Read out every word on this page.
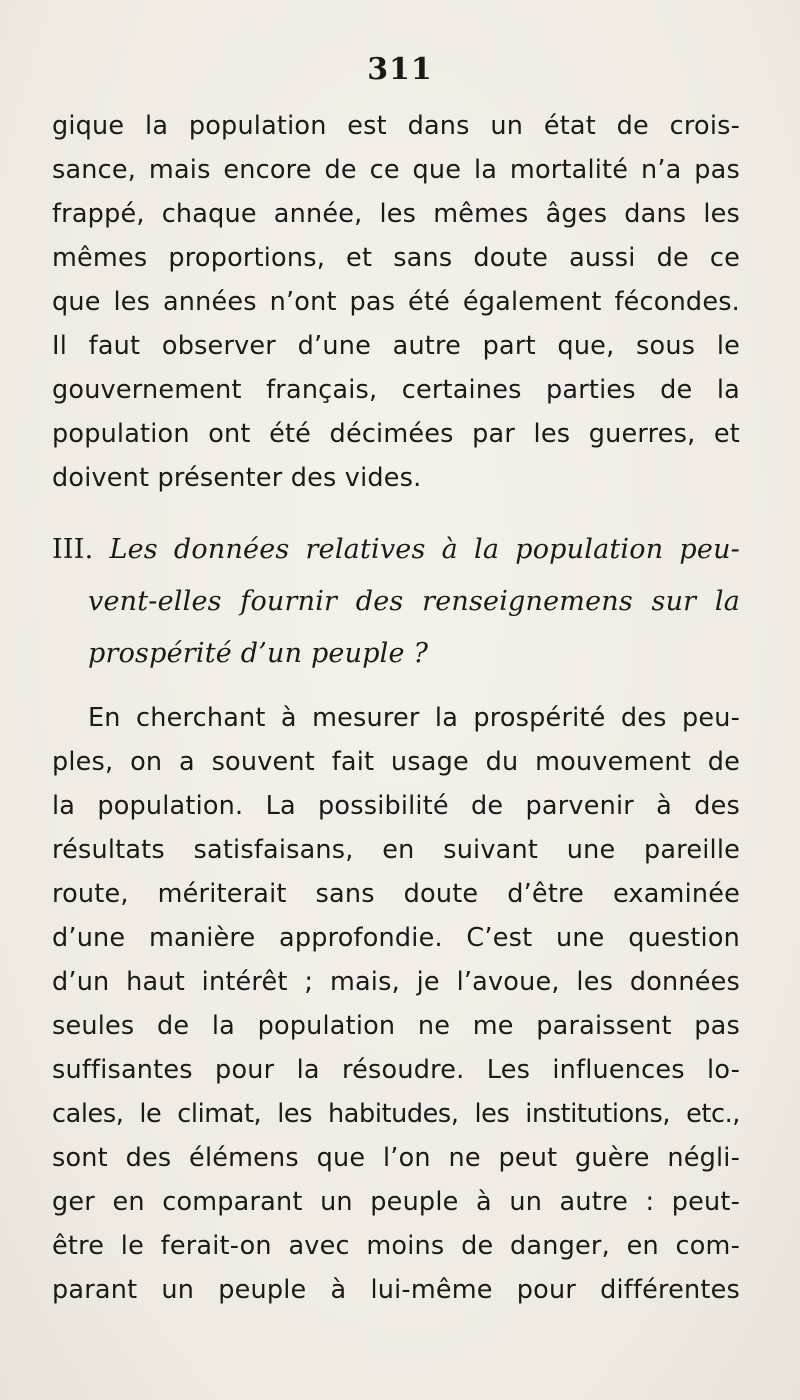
311
gique la population est dans un état de crois-
sance, mais encore de ce que la mortalité n’a pas
frappé, chaque année, les mêmes âges dans les
mêmes proportions, et sans doute aussi de ce
que les années n’ont pas été également fécondes.
Il faut observer d’une autre part que, sous le
gouvernement français, certaines parties de la
population ont été décimées par les guerres, et
doivent présenter des vides.
III. Les données relatives à la population peu-
vent-elles fournir des renseignemens sur la
prospérité d’un peuple ?
En cherchant à mesurer la prospérité des peu-
ples, on a souvent fait usage du mouvement de
la population. La possibilité de parvenir à des
résultats satisfaisans, en suivant une pareille
route, mériterait sans doute d’être examinée
d’une manière approfondie. C’est une question
d’un haut intérêt ; mais, je l’avoue, les données
seules de la population ne me paraissent pas
suffisantes pour la résoudre. Les influences lo-
cales, le climat, les habitudes, les institutions, etc.,
sont des élémens que l’on ne peut guère négli-
ger en comparant un peuple à un autre : peut-
être le ferait-on avec moins de danger, en com-
parant un peuple à lui-même pour différentes
